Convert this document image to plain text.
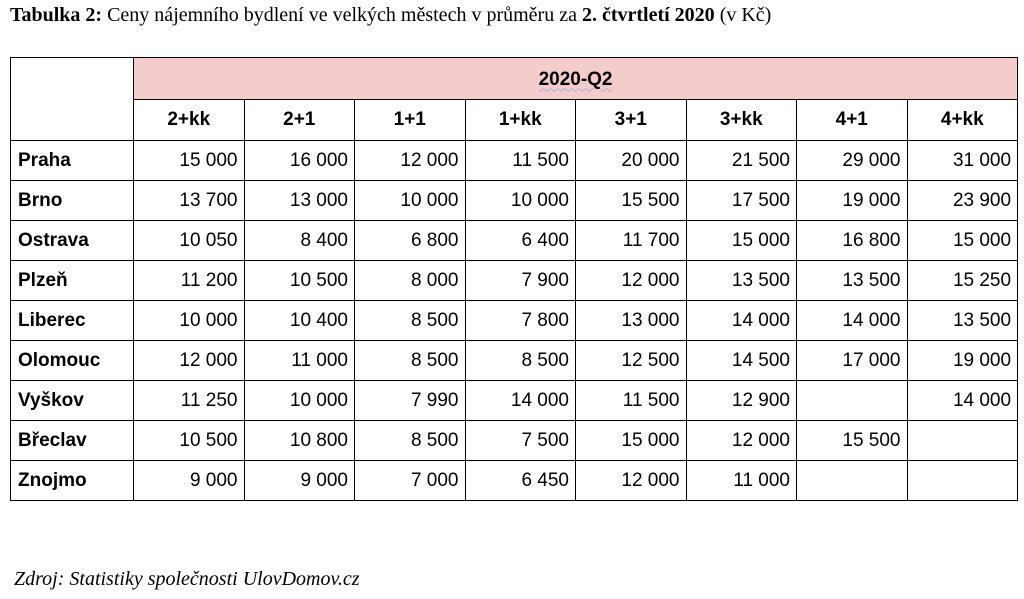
Tabulka 2: Ceny nájemního bydlení ve velkých městech v průměru za 2. čtvrtletí 2020 (v Kč)
	2020-Q2							
	2+kk	2+1	1+1	1+kk	3+1	3+kk	4+1	4+kk
Praha	15 000	16 000	12 000	11 500	20 000	21 500	29 000	31 000
Brno	13 700	13 000	10 000	10 000	15 500	17 500	19 000	23 900
Ostrava	10 050	8 400	6 800	6 400	11 700	15 000	16 800	15 000
Plzeň	11 200	10 500	8 000	7 900	12 000	13 500	13 500	15 250
Liberec	10 000	10 400	8 500	7 800	13 000	14 000	14 000	13 500
Olomouc	12 000	11 000	8 500	8 500	12 500	14 500	17 000	19 000
Vyškov	11 250	10 000	7 990	14 000	11 500	12 900		14 000
Břeclav	10 500	10 800	8 500	7 500	15 000	12 000	15 500	
Znojmo	9 000	9 000	7 000	6 450	12 000	11 000		
Zdroj: Statistiky společnosti UlovDomov.cz
